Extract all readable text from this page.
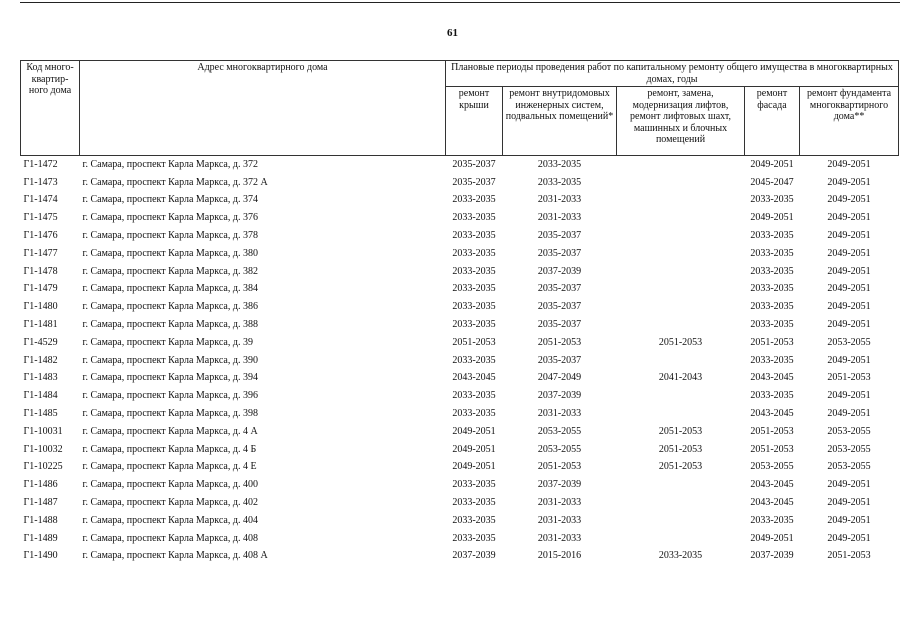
61
Код много-квартир-ного дома	Адрес многоквартирного дома	Плановые периоды проведения работ по капитальному ремонту общего имущества в многоквартирных домах, годы				
		ремонт крыши	ремонт внутридомовых инженерных систем, подвальных помещений*	ремонт, замена, модернизация лифтов, ремонт лифтовых шахт, машинных и блочных помещений	ремонт фасада	ремонт фундамента многоквартирного дома**
Г1-1472	г. Самара, проспект Карла Маркса, д. 372	2035-2037	2033-2035		2049-2051	2049-2051
Г1-1473	г. Самара, проспект Карла Маркса, д. 372 А	2035-2037	2033-2035		2045-2047	2049-2051
Г1-1474	г. Самара, проспект Карла Маркса, д. 374	2033-2035	2031-2033		2033-2035	2049-2051
Г1-1475	г. Самара, проспект Карла Маркса, д. 376	2033-2035	2031-2033		2049-2051	2049-2051
Г1-1476	г. Самара, проспект Карла Маркса, д. 378	2033-2035	2035-2037		2033-2035	2049-2051
Г1-1477	г. Самара, проспект Карла Маркса, д. 380	2033-2035	2035-2037		2033-2035	2049-2051
Г1-1478	г. Самара, проспект Карла Маркса, д. 382	2033-2035	2037-2039		2033-2035	2049-2051
Г1-1479	г. Самара, проспект Карла Маркса, д. 384	2033-2035	2035-2037		2033-2035	2049-2051
Г1-1480	г. Самара, проспект Карла Маркса, д. 386	2033-2035	2035-2037		2033-2035	2049-2051
Г1-1481	г. Самара, проспект Карла Маркса, д. 388	2033-2035	2035-2037		2033-2035	2049-2051
Г1-4529	г. Самара, проспект Карла Маркса, д. 39	2051-2053	2051-2053	2051-2053	2051-2053	2053-2055
Г1-1482	г. Самара, проспект Карла Маркса, д. 390	2033-2035	2035-2037		2033-2035	2049-2051
Г1-1483	г. Самара, проспект Карла Маркса, д. 394	2043-2045	2047-2049	2041-2043	2043-2045	2051-2053
Г1-1484	г. Самара, проспект Карла Маркса, д. 396	2033-2035	2037-2039		2033-2035	2049-2051
Г1-1485	г. Самара, проспект Карла Маркса, д. 398	2033-2035	2031-2033		2043-2045	2049-2051
Г1-10031	г. Самара, проспект Карла Маркса, д. 4 А	2049-2051	2053-2055	2051-2053	2051-2053	2053-2055
Г1-10032	г. Самара, проспект Карла Маркса, д. 4 Б	2049-2051	2053-2055	2051-2053	2051-2053	2053-2055
Г1-10225	г. Самара, проспект Карла Маркса, д. 4 Е	2049-2051	2051-2053	2051-2053	2053-2055	2053-2055
Г1-1486	г. Самара, проспект Карла Маркса, д. 400	2033-2035	2037-2039		2043-2045	2049-2051
Г1-1487	г. Самара, проспект Карла Маркса, д. 402	2033-2035	2031-2033		2043-2045	2049-2051
Г1-1488	г. Самара, проспект Карла Маркса, д. 404	2033-2035	2031-2033		2033-2035	2049-2051
Г1-1489	г. Самара, проспект Карла Маркса, д. 408	2033-2035	2031-2033		2049-2051	2049-2051
Г1-1490	г. Самара, проспект Карла Маркса, д. 408 А	2037-2039	2015-2016	2033-2035	2037-2039	2051-2053
